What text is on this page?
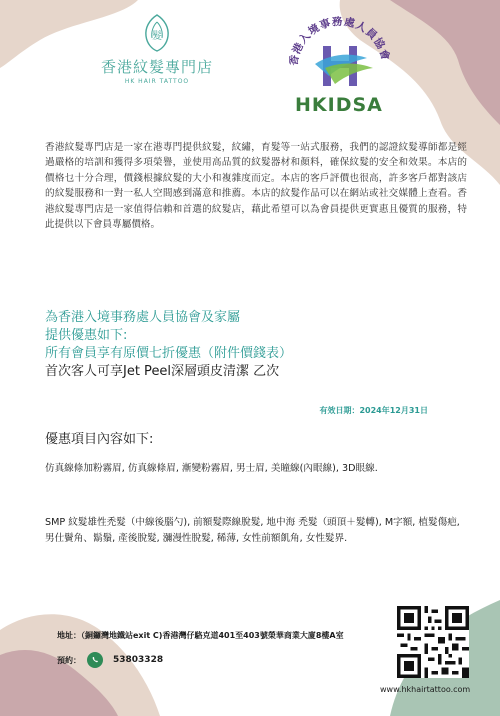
髮
香港紋髮專門店
HK HAIR TATTOO
香港入境事務處人員協會
HKIDSA
香港紋髮專門店是一家在港專門提供紋髮，紋繡，育髮等一站式服務，我們的認證紋髮導師都是經過嚴格的培訓和獲得多項榮譽，並使用高品質的紋髮器材和顏料，確保紋髮的安全和效果。本店的價格乜十分合理，價錢根據紋髮的大小和複雜度而定。本店的客戶評價也很高，許多客戶都對該店的紋髮服務和一對一私人空間感到滿意和推薦。本店的紋髮作品可以在網站或社交媒體上查看。香港紋髮專門店是一家值得信賴和首選的紋髮店，藉此希望可以為會員提供更實惠且優質的服務，特此提供以下會員專屬價格。
為香港入境事務處人員協會及家屬
提供優惠如下:
所有會員享有原價七折優惠（附件價錢表）
首次客人可享Jet Peel深層頭皮清潔 乙次
有效日期：2024年12月31日
優惠項目內容如下:
仿真線條加粉霧眉, 仿真線條眉, 漸變粉霧眉, 男士眉, 美瞳線(內眼線), 3D眼線.
SMP 紋髮雄性禿髮（中線後腦勺), 前額髮際線脫髮, 地中海 禿髮（頭頂＋髮轉), M字額, 植髮傷疤, 男仕鬢角、鬍鬚, 產後脫髮, 瀰漫性脫髮, 稀薄, 女性前額飢角, 女性髮界.
地址：（銅鑼灣地鐵站exit C)香港灣仔駱克道401至403號榮華商業大廈8樓A室
預約：	53803328
www.hkhairtattoo.com
